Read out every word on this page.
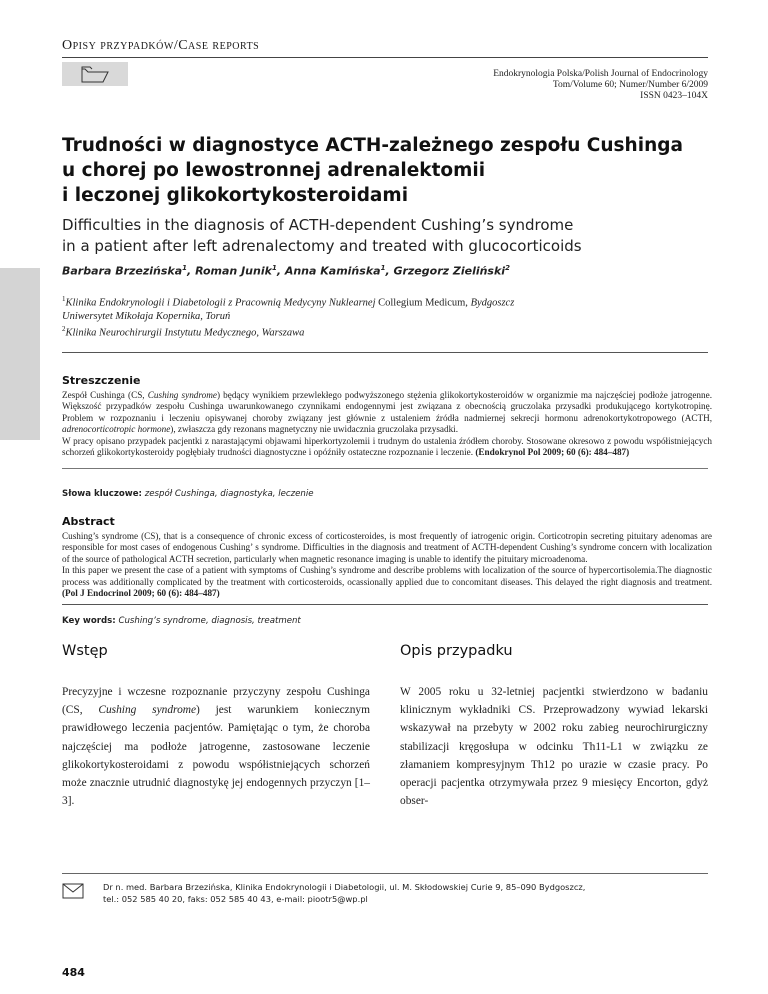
Opisy przypadków/Case reports
Endokrynologia Polska/Polish Journal of Endocrinology
Tom/Volume 60; Numer/Number 6/2009
ISSN 0423–104X
Trudności w diagnostyce ACTH-zależnego zespołu Cushinga
u chorej po lewostronnej adrenalektomii
i leczonej glikokortykosteroidami
Difficulties in the diagnosis of ACTH-dependent Cushing’s syndrome
in a patient after left adrenalectomy and treated with glucocorticoids
Barbara Brzezińska$^1$, Roman Junik$^1$, Anna Kamińska$^1$, Grzegorz Zieliński$^2$
$^1$Klinika Endokrynologii i Diabetologii z Pracownią Medycyny Nuklearnej Collegium Medicum, Bydgoszcz
Uniwersytet Mikołaja Kopernika, Toruń
$^2$Klinika Neurochirurgii Instytutu Medycznego, Warszawa
Streszczenie

Zespół Cushinga (CS, Cushing syndrome) będący wynikiem przewlekłego podwyższonego stężenia glikokortykosteroidów w organizmie ma najczęściej podłoże jatrogenne. Większość przypadków zespołu Cushinga uwarunkowanego czynnikami endogennymi jest związana z obecnością gruczolaka przysadki produkującego kortykotropinę. Problem w rozpoznaniu i leczeniu opisywanej choroby związany jest głównie z ustaleniem źródła nadmiernej sekrecji hormonu adrenokortykotropowego (ACTH, adrenocorticotropic hormone), zwłaszcza gdy rezonans magnetyczny nie uwidacznia gruczolaka przysadki.

W pracy opisano przypadek pacjentki z narastającymi objawami hiperkortyzolemii i trudnym do ustalenia źródłem choroby. Stosowane okresowo z powodu współistniejących schorzeń glikokortykosteroidy pogłębiały trudności diagnostyczne i opóźniły ostateczne rozpoznanie i leczenie. (Endokrynol Pol 2009; 60 (6): 484–487)

Słowa kluczowe: zespół Cushinga, diagnostyka, leczenie
Abstract

Cushing’s syndrome (CS), that is a consequence of chronic excess of corticosteroides, is most frequently of iatrogenic origin. Corticotropin secreting pituitary adenomas are responsible for most cases of endogenous Cushing’ s syndrome. Difficulties in the diagnosis and treatment of ACTH-dependent Cushing’s syndrome concern with localization of the source of pathological ACTH secretion, particularly when magnetic resonance imaging is unable to identify the pituitary microadenoma.

In this paper we present the case of a patient with symptoms of Cushing’s syndrome and describe problems with localization of the source of hypercortisolemia.The diagnostic process was additionally complicated by the treatment with corticosteroids, ocassionally applied due to concomitant diseases. This delayed the right diagnosis and treatment. (Pol J Endocrinol 2009; 60 (6): 484–487)

Key words: Cushing’s syndrome, diagnosis, treatment
Wstęp
Precyzyjne i wczesne rozpoznanie przyczyny zespołu Cushinga (CS, Cushing syndrome) jest warunkiem koniecznym prawidłowego leczenia pacjentów. Pamiętając o tym, że choroba najczęściej ma podłoże jatrogenne, zastosowane leczenie glikokortykosteroidami z powodu współistniejących schorzeń może znacznie utrudnić diagnostykę jej endogennych przyczyn [1–3].
Opis przypadku
W 2005 roku u 32-letniej pacjentki stwierdzono w badaniu klinicznym wykładniki CS. Przeprowadzony wywiad lekarski wskazywał na przebyty w 2002 roku zabieg neurochirurgiczny stabilizacji kręgosłupa w odcinku Th11-L1 w związku ze złamaniem kompresyjnym Th12 po urazie w czasie pracy. Po operacji pacjentka otrzymywała przez 9 miesięcy Encorton, gdyż obser-
Dr n. med. Barbara Brzezińska, Klinika Endokrynologii i Diabetologii, ul. M. Skłodowskiej Curie 9, 85–090 Bydgoszcz,
tel.: 052 585 40 20, faks: 052 585 40 43, e-mail: piootr5@wp.pl
484
